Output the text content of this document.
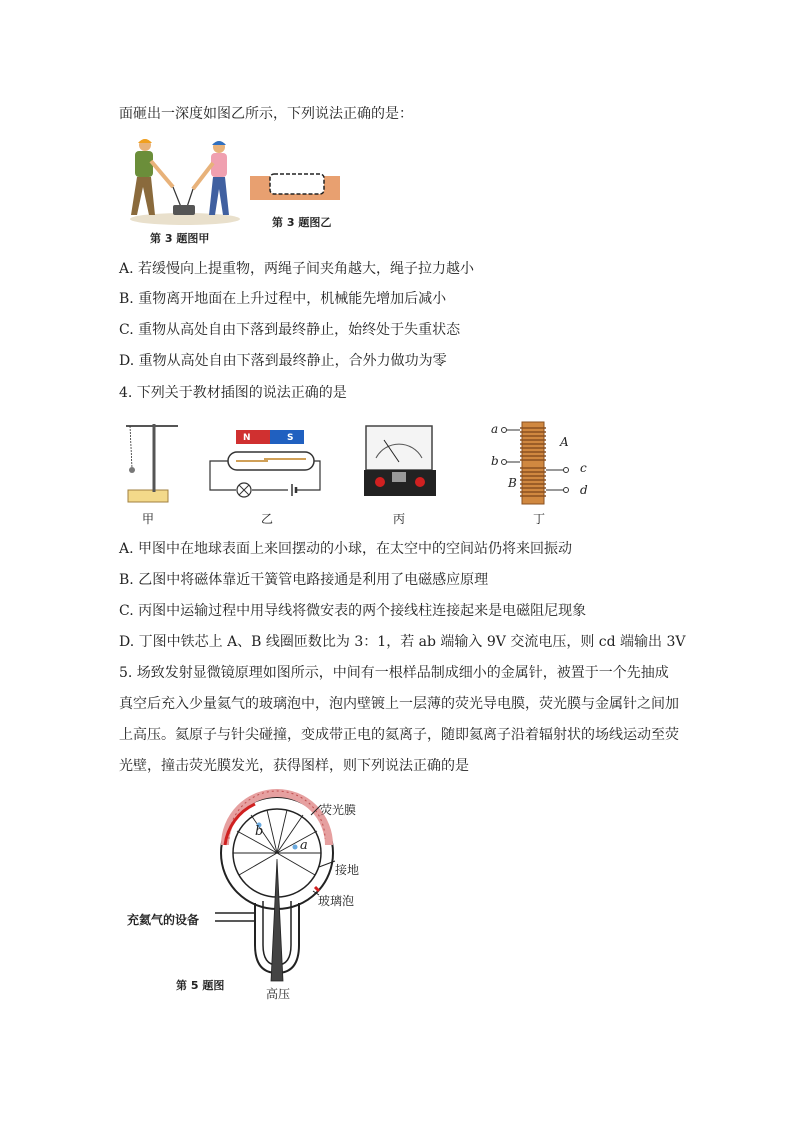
面砸出一深度如图乙所示，下列说法正确的是：
第 3 题图甲
第 3 题图乙
A. 若缓慢向上提重物，两绳子间夹角越大，绳子拉力越小
B. 重物离开地面在上升过程中，机械能先增加后减小
C. 重物从高处自由下落到最终静止，始终处于失重状态
D. 重物从高处自由下落到最终静止，合外力做功为零
4. 下列关于教材插图的说法正确的是
甲
N	S
乙	丙
a
b	c
d
A
B
丁
A. 甲图中在地球表面上来回摆动的小球，在太空中的空间站仍将来回振动
B. 乙图中将磁体靠近干簧管电路接通是利用了电磁感应原理
C. 丙图中运输过程中用导线将微安表的两个接线柱连接起来是电磁阻尼现象
D. 丁图中铁芯上 A、B 线圈匝数比为 3：1，若 ab 端输入 9V 交流电压，则 cd 端输出 3V
5. 场致发射显微镜原理如图所示，中间有一根样品制成细小的金属针，被置于一个先抽成
真空后充入少量氦气的玻璃泡中，泡内壁镀上一层薄的荧光导电膜，荧光膜与金属针之间加
上高压。氦原子与针尖碰撞，变成带正电的氦离子，随即氦离子沿着辐射状的场线运动至荧
光壁，撞击荧光膜发光，获得图样，则下列说法正确的是
b
a
荧光膜
接地
玻璃泡
充氦气的设备
第 5 题图
高压
